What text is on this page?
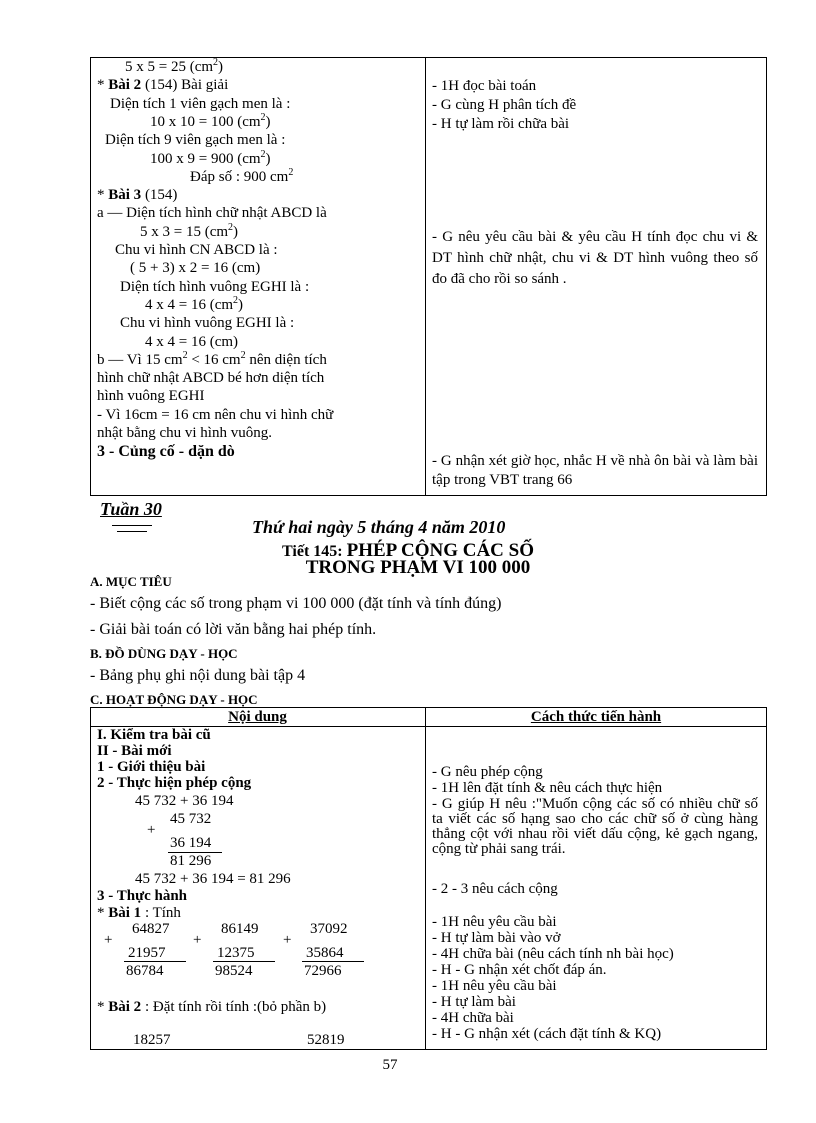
5 x 5 = 25 $(cm^2)$
* Bài 2 (154) Bài giải
Diện tích 1 viên gạch men là :
10 x 10 = 100 $(cm^2)$
Diện tích 9 viên gạch men là :
100 x 9 = 900 $(cm^2)$
Đáp số : 900 $cm^2$
* Bài 3 (154)
a — Diện tích hình chữ nhật ABCD là
5 x 3 = 15 $(cm^2)$
Chu vi hình CN ABCD là :
( 5 + 3) x 2 = 16 (cm)
Diện tích hình vuông EGHI là :
4 x 4 = 16 $(cm^2)$
Chu vi hình vuông EGHI là :
4 x 4 = 16 (cm)
b — Vì 15 $cm^2 < 16$ $cm^2$ nên diện tích
hình chữ nhật ABCD bé hơn diện tích
hình vuông EGHI
- Vì 16cm = 16 cm nên chu vi hình chữ
nhật bằng chu vi hình vuông.
3 - Củng cố - dặn dò
- 1H đọc bài toán
- G cùng H phân tích đề
- H tự làm rồi chữa bài
- G nêu yêu cầu bài & yêu cầu H tính đọc chu vi & DT hình chữ nhật, chu vi & DT hình vuông theo số đo đã cho rồi so sánh .
- G nhận xét giờ học, nhắc H về nhà ôn bài và làm bài tập trong VBT trang 66
Tuần 30
Thứ hai ngày 5 tháng 4 năm 2010
Tiết 145: PHÉP CỘNG CÁC SỐ
TRONG PHẠM VI 100 000
A. MỤC TIÊU
- Biết cộng các số trong phạm vi 100 000 (đặt tính và tính đúng)
- Giải bài toán có lời văn bằng hai phép tính.
B. ĐỒ DÙNG DẠY - HỌC
- Bảng phụ ghi nội dung bài tập 4
C. HOẠT ĐỘNG DẠY - HỌC
Nội dung	Cách thức tiến hành
I. Kiểm tra bài cũ
II - Bài mới
1 - Giới thiệu bài
2 - Thực hiện phép cộng
45 732 + 36 194
45 732
+
36 194
81 296
45 732 + 36 194 = 81 296
3 - Thực hành
* Bài 1 : Tính
64827
+
21957
86784
86149
+
12375
98524
37092
+
35864
72966
* Bài 2 : Đặt tính rồi tính :(bỏ phần b)
18257	52819
- G nêu phép cộng
- 1H lên đặt tính & nêu cách thực hiện
- G giúp H nêu :"Muốn cộng các số có nhiều chữ số ta viết các số hạng sao cho các chữ số ở cùng hàng thẳng cột với nhau rồi viết dấu cộng, kẻ gạch ngang, cộng từ phải sang trái.
- 2 - 3 nêu cách cộng
- 1H nêu yêu cầu bài
- H tự làm bài vào vở
- 4H chữa bài (nêu cách tính nh bài học)
- H - G nhận xét chốt đáp án.
- 1H nêu yêu cầu bài
- H tự làm bài
- 4H chữa bài
- H - G nhận xét (cách đặt tính & KQ)
57
